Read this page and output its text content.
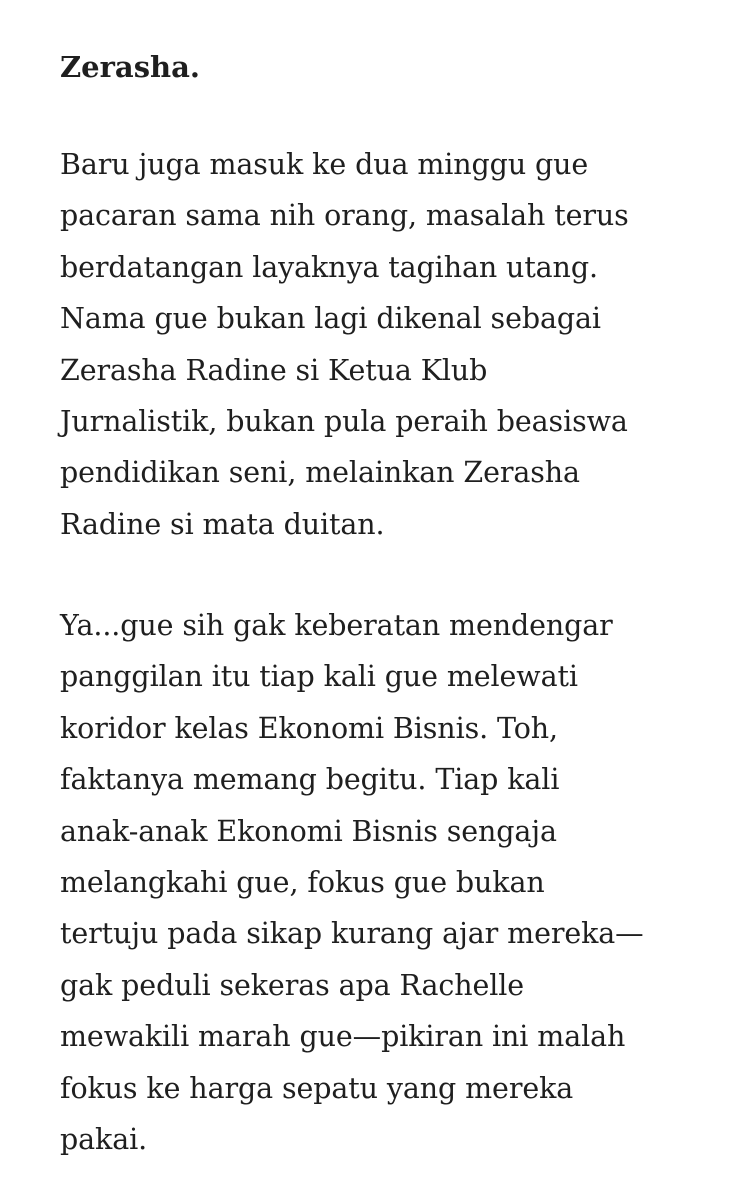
Zerasha.

Baru juga masuk ke dua minggu gue
pacaran sama nih orang, masalah terus
berdatangan layaknya tagihan utang.
Nama gue bukan lagi dikenal sebagai
Zerasha Radine si Ketua Klub
Jurnalistik, bukan pula peraih beasiswa
pendidikan seni, melainkan Zerasha
Radine si mata duitan.

Ya...gue sih gak keberatan mendengar
panggilan itu tiap kali gue melewati
koridor kelas Ekonomi Bisnis. Toh,
faktanya memang begitu. Tiap kali
anak-anak Ekonomi Bisnis sengaja
melangkahi gue, fokus gue bukan
tertuju pada sikap kurang ajar mereka—
gak peduli sekeras apa Rachelle
mewakili marah gue—pikiran ini malah
fokus ke harga sepatu yang mereka
pakai.
